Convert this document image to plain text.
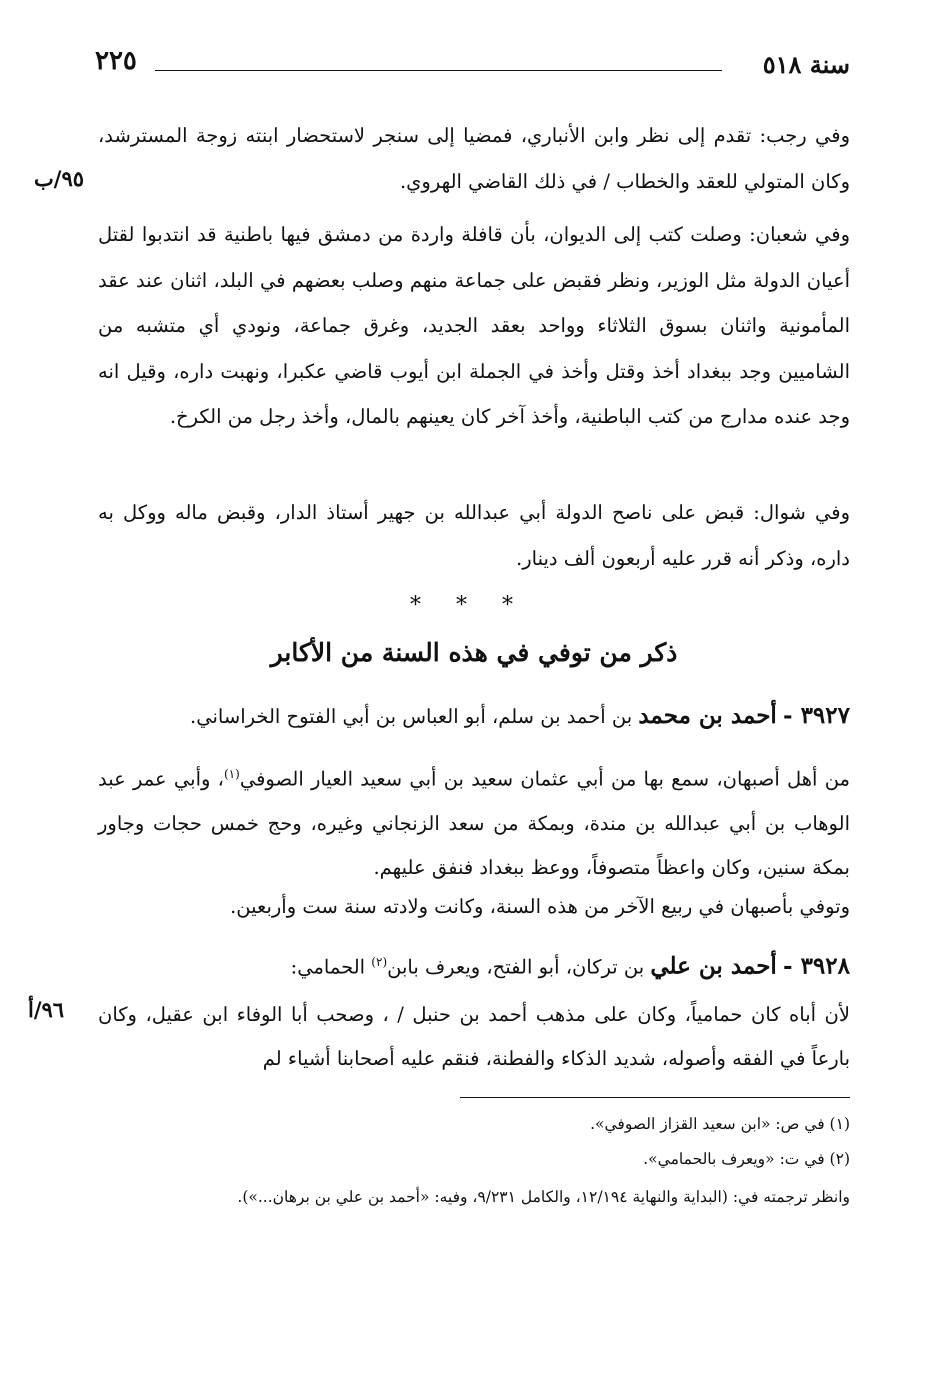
سنة ٥١٨
٢٢٥
وفي رجب: تقدم إلى نظر وابن الأنباري، فمضيا إلى سنجر لاستحضار ابنته زوجة المسترشد، وكان المتولي للعقد والخطاب / في ذلك القاضي الهروي.
٩٥/ب
وفي شعبان: وصلت كتب إلى الديوان، بأن قافلة واردة من دمشق فيها باطنية قد انتدبوا لقتل أعيان الدولة مثل الوزير، ونظر فقبض على جماعة منهم وصلب بعضهم في البلد، اثنان عند عقد المأمونية واثنان بسوق الثلاثاء وواحد بعقد الجديد، وغرق جماعة، ونودي أي متشبه من الشاميين وجد ببغداد أخذ وقتل وأخذ في الجملة ابن أيوب قاضي عكبرا، ونهبت داره، وقيل انه وجد عنده مدارج من كتب الباطنية، وأخذ آخر كان يعينهم بالمال، وأخذ رجل من الكرخ.
وفي شوال: قبض على ناصح الدولة أبي عبدالله بن جهير أستاذ الدار، وقبض ماله ووكل به داره، وذكر أنه قرر عليه أربعون ألف دينار.
* * *
ذكر من توفي في هذه السنة من الأكابر
٣٩٢٧ - أحمد بن محمد بن أحمد بن سلم، أبو العباس بن أبي الفتوح الخراساني.
من أهل أصبهان، سمع بها من أبي عثمان سعيد بن أبي سعيد العيار الصوفي$^{(١)}$، وأبي عمر عبد الوهاب بن أبي عبدالله بن مندة، وبمكة من سعد الزنجاني وغيره، وحج خمس حجات وجاور بمكة سنين، وكان واعظاً متصوفاً، ووعظ ببغداد فنفق عليهم.
وتوفي بأصبهان في ربيع الآخر من هذه السنة، وكانت ولادته سنة ست وأربعين.
٣٩٢٨ - أحمد بن علي بن تركان، أبو الفتح، ويعرف بابن$^{(٢)}$ الحمامي:
لأن أباه كان حمامياً، وكان على مذهب أحمد بن حنبل / ، وصحب أبا الوفاء ابن عقيل، وكان بارعاً في الفقه وأصوله، شديد الذكاء والفطنة، فنقم عليه أصحابنا أشياء لم
٩٦/أ
(١) في ص: «ابن سعيد القزاز الصوفي».
(٢) في ت: «ويعرف بالحمامي».
وانظر ترجمته في: (البداية والنهاية ١٢/١٩٤، والكامل ٩/٢٣١، وفيه: «أحمد بن علي بن برهان...»).
